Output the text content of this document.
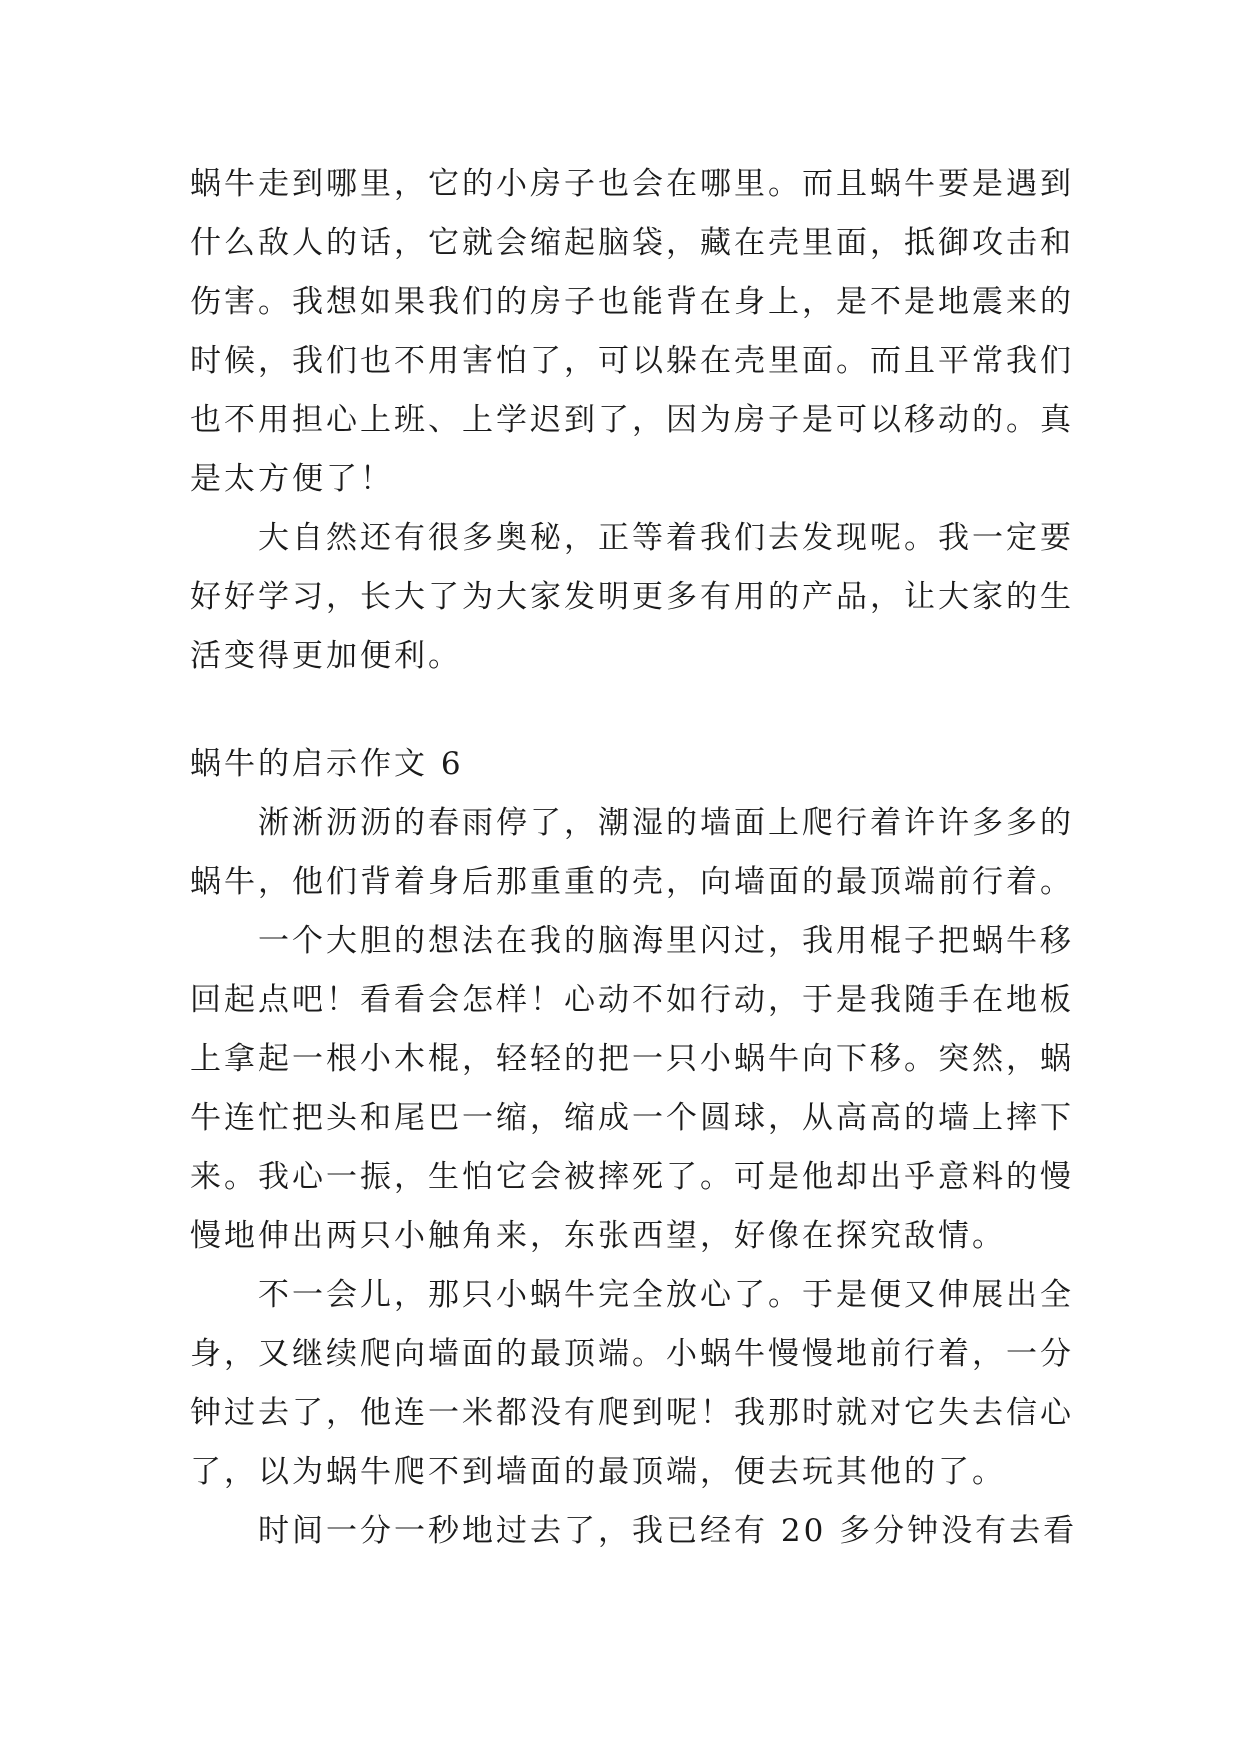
蜗牛走到哪里，它的小房子也会在哪里。而且蜗牛要是遇到
什么敌人的话，它就会缩起脑袋，藏在壳里面，抵御攻击和
伤害。我想如果我们的房子也能背在身上，是不是地震来的
时候，我们也不用害怕了，可以躲在壳里面。而且平常我们
也不用担心上班、上学迟到了，因为房子是可以移动的。真
是太方便了！
大自然还有很多奥秘，正等着我们去发现呢。我一定要
好好学习，长大了为大家发明更多有用的产品，让大家的生
活变得更加便利。
蜗牛的启示作文 6
淅淅沥沥的春雨停了，潮湿的墙面上爬行着许许多多的
蜗牛，他们背着身后那重重的壳，向墙面的最顶端前行着。
一个大胆的想法在我的脑海里闪过，我用棍子把蜗牛移
回起点吧！看看会怎样！心动不如行动，于是我随手在地板
上拿起一根小木棍，轻轻的把一只小蜗牛向下移。突然，蜗
牛连忙把头和尾巴一缩，缩成一个圆球，从高高的墙上摔下
来。我心一振，生怕它会被摔死了。可是他却出乎意料的慢
慢地伸出两只小触角来，东张西望，好像在探究敌情。
不一会儿，那只小蜗牛完全放心了。于是便又伸展出全
身，又继续爬向墙面的最顶端。小蜗牛慢慢地前行着，一分
钟过去了，他连一米都没有爬到呢！我那时就对它失去信心
了，以为蜗牛爬不到墙面的最顶端，便去玩其他的了。
时间一分一秒地过去了，我已经有 20 多分钟没有去看
